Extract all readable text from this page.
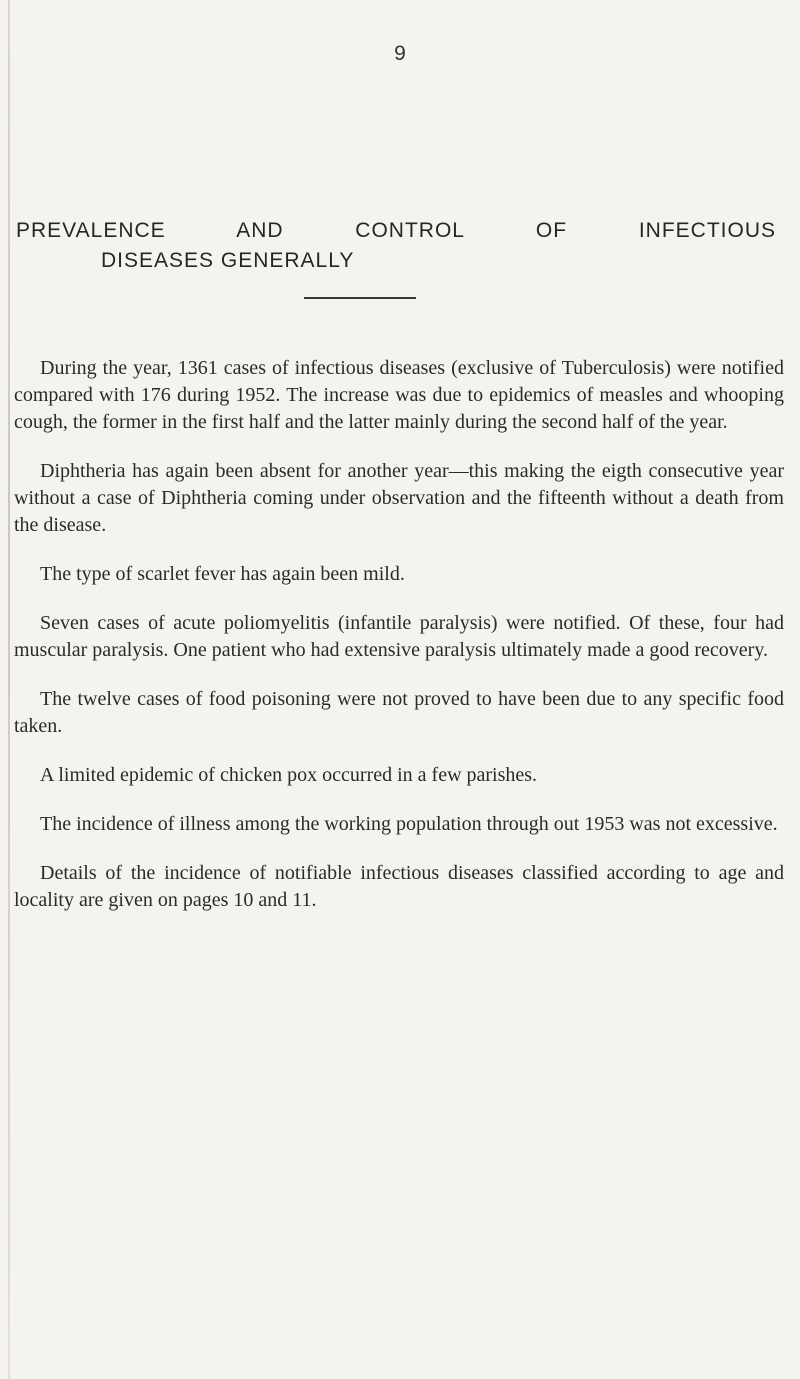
9
PREVALENCE AND CONTROL OF INFECTIOUS
DISEASES GENERALLY

During the year, 1361 cases of infectious diseases (exclusive of Tuberculosis) were notified compared with 176 during 1952. The increase was due to epidemics of measles and whooping cough, the former in the first half and the latter mainly during the second half of the year.

Diphtheria has again been absent for another year—this making the eigth consecutive year without a case of Diphtheria coming under observation and the fifteenth without a death from the disease.

The type of scarlet fever has again been mild.

Seven cases of acute poliomyelitis (infantile paralysis) were notified. Of these, four had muscular paralysis. One patient who had extensive paralysis ultimately made a good recovery.

The twelve cases of food poisoning were not proved to have been due to any specific food taken.

A limited epidemic of chicken pox occurred in a few parishes.

The incidence of illness among the working population through out 1953 was not excessive.

Details of the incidence of notifiable infectious diseases classified according to age and locality are given on pages 10 and 11.
